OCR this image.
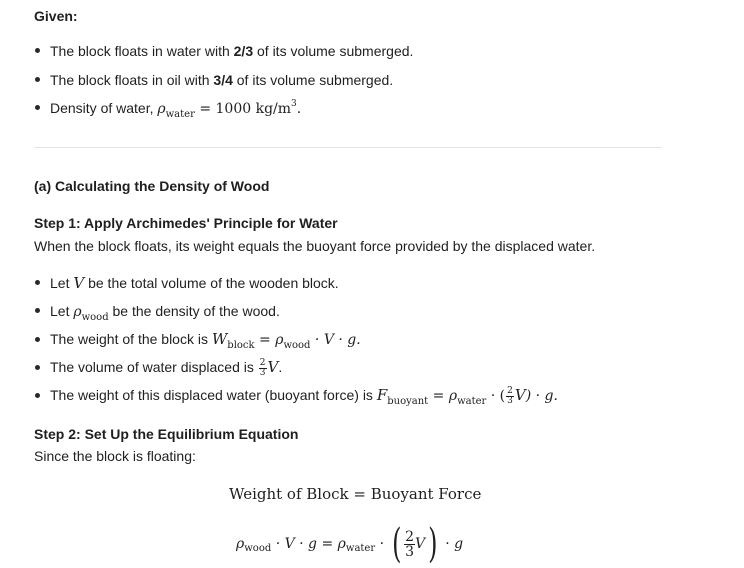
Given:
The block floats in water with 2/3 of its volume submerged.
The block floats in oil with 3/4 of its volume submerged.
Density of water, $\rho_{water} = 1000$ $kg/m^3$.
(a) Calculating the Density of Wood
Step 1: Apply Archimedes' Principle for Water
When the block floats, its weight equals the buoyant force provided by the displaced water.
Let V be the total volume of the wooden block.
Let $\rho_{wood}$ be the density of the wood.
The weight of the block is $W_{block} = \rho_{wood} \cdot V \cdot g$.
The volume of water displaced is $\frac{2}{3} V$.
The weight of this displaced water (buoyant force) is $F_{buoyant} = \rho_{water}$ · ( $\frac{2}{3} V) \cdot g$.
Step 2: Set Up the Equilibrium Equation
Since the block is floating:
Weight of Block = Buoyant Force
ρ wood · V · g = ρ water · ( $\frac{2}{3}$ V ) · g
